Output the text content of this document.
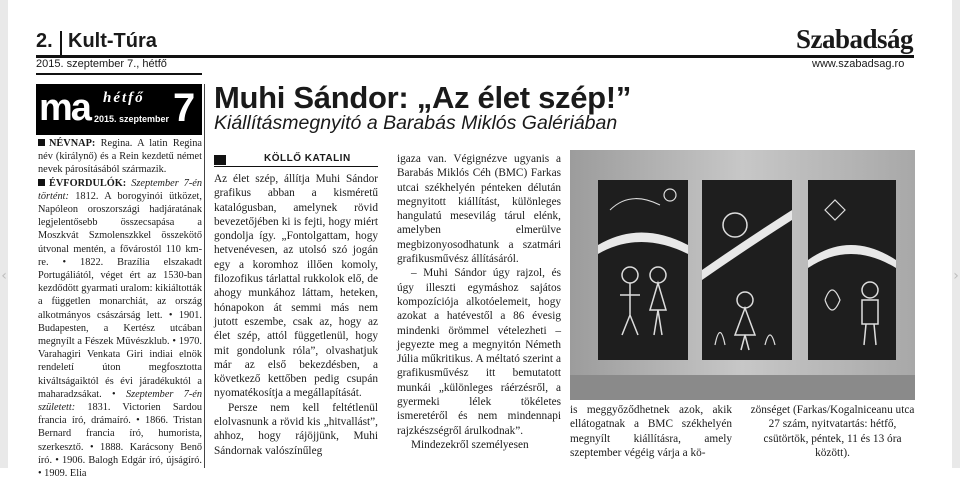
‹	›
2. Kult-Túra	Szabadság
2015. szeptember 7., hétfő	www.szabadsag.ro
ma hétfő
2015. szeptember 7

NÉVNAP: Regina. A latin Regina név (királynő) és a Rein kezdetű német nevek párosításából származik.

ÉVFORDULÓK: Szeptember 7-én történt: 1812. A borogyinói ütközet, Napóleon oroszországi hadjáratának legjelentősebb összecsapása a Moszkvát Szmolenszkkel összekötő útvonal mentén, a fővárostól 110 km-re. • 1822. Brazília elszakadt Portugáliától, véget ért az 1530-ban kezdődött gyarmati uralom: kikiáltották a független monarchiát, az ország alkotmányos császárság lett. • 1901. Budapesten, a Kertész utcában megnyílt a Fészek Művészklub. • 1970. Varahagiri Venkata Giri indiai elnök rendeletí úton megfosztotta kiváltságaiktól és évi járadékuktól a maharadzsákat. • Szeptember 7-én született: 1831. Victorien Sardou francia író, drámaíró. • 1866. Tristan Bernard francia író, humorista, szerkesztő. • 1888. Karácsony Benő író. • 1906. Balogh Edgár író, újságíró. • 1909. Elia

Muhi Sándor: „Az élet szép!”
Kiállításmegnyitó a Barabás Miklós Galériában
KÖLLŐ KATALIN

Az élet szép, állítja Muhi Sándor grafikus abban a kisméretű katalógusban, amelynek rövid bevezetőjében ki is fejti, hogy miért gondolja így. „Fontolgattam, hogy hetvenévesen, az utolsó szó jogán egy a koromhoz illően komoly, filozofikus tárlattal rukkolok elő, de ahogy munkához láttam, heteken, hónapokon át semmi más nem jutott eszembe, csak az, hogy az élet szép, attól függetlenül, hogy mit gondolunk róla”, olvashatjuk már az első bekezdésben, a következő kettőben pedig csupán nyomatékosítja a megállapítását.

Persze nem kell feltétlenül elolvasnunk a rövid kis „hitvallást”, ahhoz, hogy rájöjjünk, Muhi Sándornak valószínűleg

igaza van. Végignézve ugyanis a Barabás Miklós Céh (BMC) Farkas utcai székhelyén pénteken délután megnyitott kiállítást, különleges hangulatú mesevilág tárul elénk, amelyben elmerülve megbizonyosodhatunk a szatmári grafikusművész állításáról.

– Muhi Sándor úgy rajzol, és úgy illeszti egymáshoz sajátos kompozíciója alkotóelemeit, hogy azokat a hatévestől a 86 évesig mindenki örömmel vételezheti – jegyezte meg a megnyitón Németh Júlia műkritikus. A méltató szerint a grafikusművész itt bemutatott munkái „különleges ráérzésről, a gyermeki lélek tökéletes ismeretéről és nem mindennapi rajzkészségről árulkodnak”.

Mindezekről személyesen

is meggyőződhetnek azok, akik ellátogatnak a BMC székhelyén megnyílt kiállításra, amely szeptember végéig várja a kö-

zönséget (Farkas/Kogalniceanu utca 27 szám, nyitvatartás: hétfő, csütörtök, péntek, 11 és 13 óra között).
